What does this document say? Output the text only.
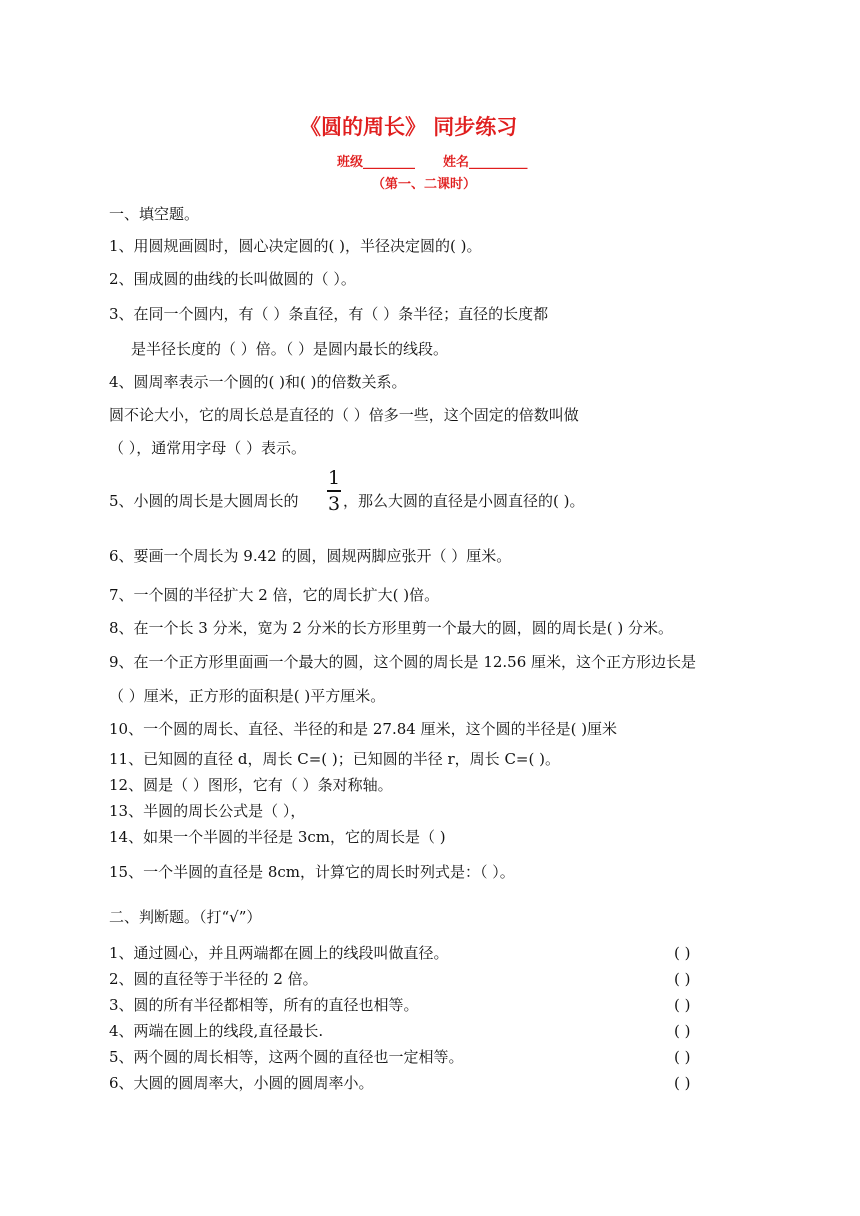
《圆的周长》 同步练习
班级________ 姓名_________
（第一、二课时）
一、填空题。
1、用圆规画圆时，圆心决定圆的( )，半径决定圆的( )。
2、围成圆的曲线的长叫做圆的（ ）。
3、在同一个圆内，有（ ）条直径，有（ ）条半径；直径的长度都
是半径长度的（ ）倍。（ ）是圆内最长的线段。
4、圆周率表示一个圆的( )和( )的倍数关系。
圆不论大小，它的周长总是直径的（ ）倍多一些，这个固定的倍数叫做
（ ），通常用字母（ ）表示。
5、小圆的周长是大圆周长的
1
3 ，那么大圆的直径是小圆直径的( )。
6、要画一个周长为 9.42 的圆，圆规两脚应张开（ ）厘米。
7、一个圆的半径扩大 2 倍，它的周长扩大( )倍。
8、在一个长 3 分米，宽为 2 分米的长方形里剪一个最大的圆，圆的周长是( ) 分米。
9、在一个正方形里面画一个最大的圆，这个圆的周长是 12.56 厘米，这个正方形边长是
（ ）厘米，正方形的面积是( )平方厘米。
10、一个圆的周长、直径、半径的和是 27.84 厘米，这个圆的半径是( )厘米
11、已知圆的直径 d，周长 C=( )；已知圆的半径 r，周长 C=( )。
12、圆是（ ）图形，它有（ ）条对称轴。
13、半圆的周长公式是（ ），
14、如果一个半圆的半径是 3cm，它的周长是（ )
15、一个半圆的直径是 8cm，计算它的周长时列式是：（ ）。
二、判断题。（打“√”）
1、通过圆心，并且两端都在圆上的线段叫做直径。	( )
2、圆的直径等于半径的 2 倍。	( )
3、圆的所有半径都相等，所有的直径也相等。	( )
4、两端在圆上的线段,直径最长.	( )
5、两个圆的周长相等，这两个圆的直径也一定相等。	( )
6、大圆的圆周率大，小圆的圆周率小。	( )
